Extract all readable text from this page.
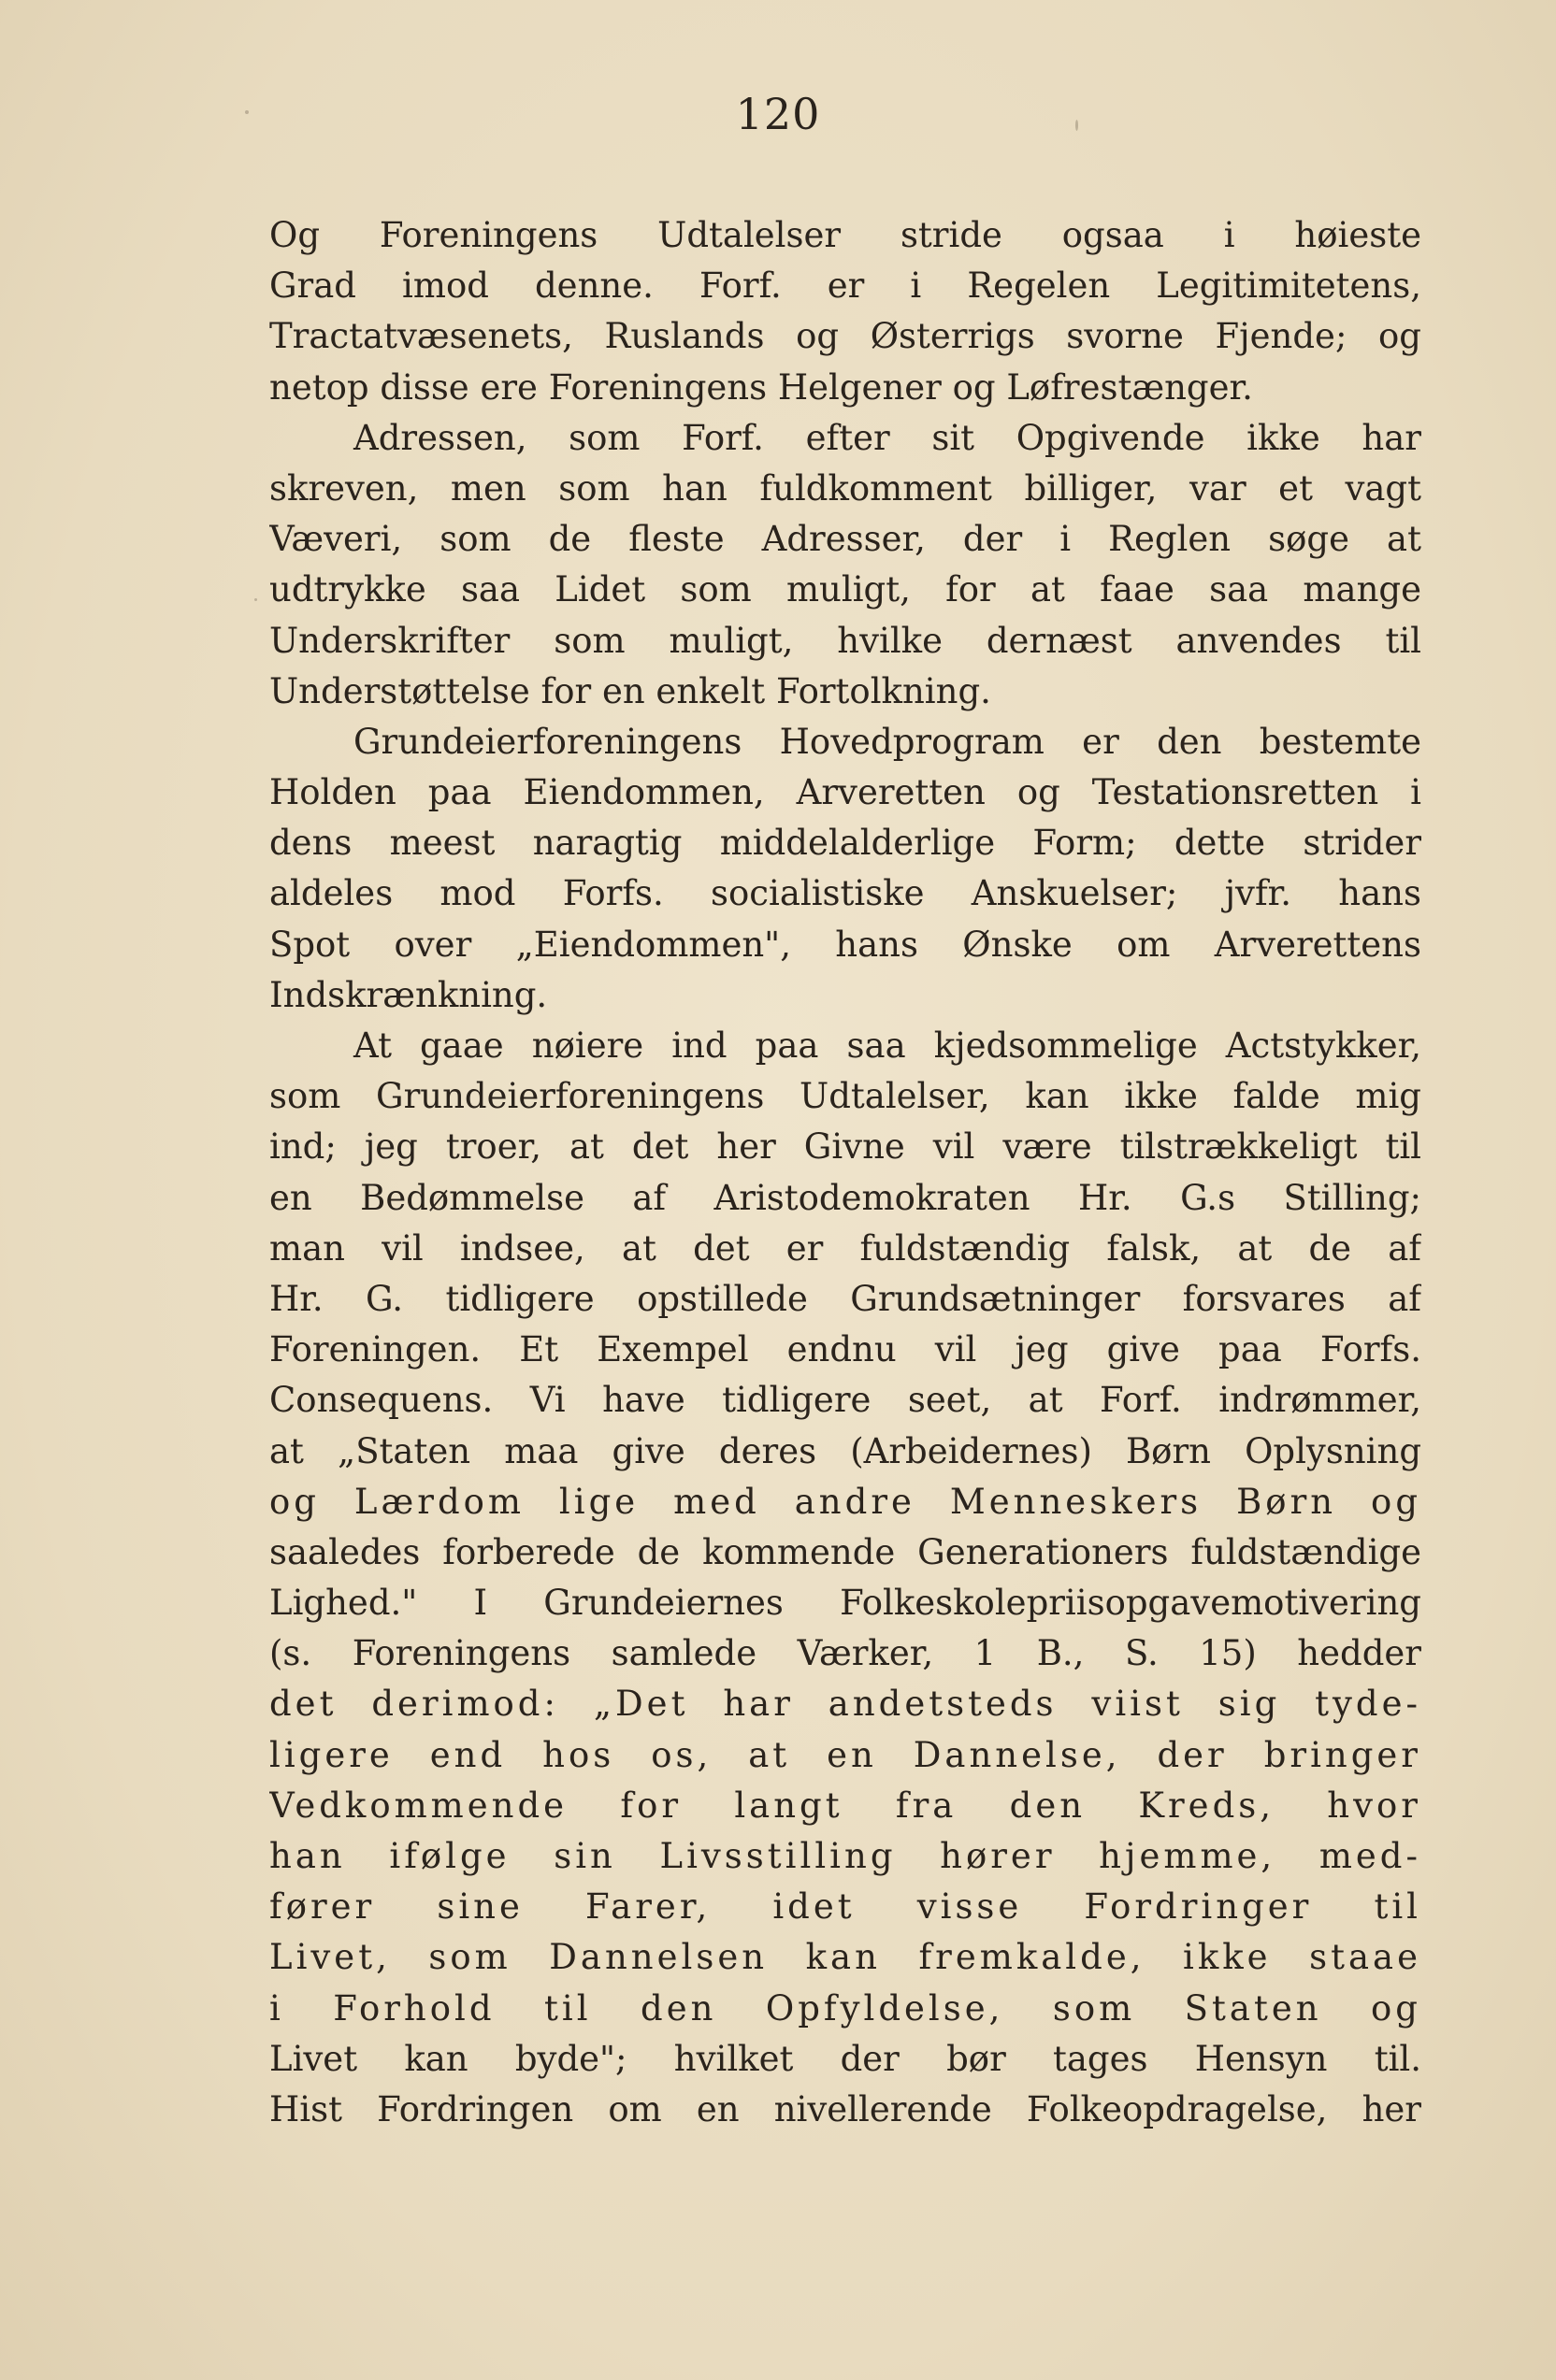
120
Og Foreningens Udtalelser stride ogsaa i høieste
Grad imod denne. Forf. er i Regelen Legitimitetens,
Tractatvæsenets, Ruslands og Østerrigs svorne Fjende; og
netop disse ere Foreningens Helgener og Løfrestænger.
Adressen, som Forf. efter sit Opgivende ikke har
skreven, men som han fuldkomment billiger, var et vagt
Væveri, som de fleste Adresser, der i Reglen søge at
udtrykke saa Lidet som muligt, for at faae saa mange
Underskrifter som muligt, hvilke dernæst anvendes til
Understøttelse for en enkelt Fortolkning.
Grundeierforeningens Hovedprogram er den bestemte
Holden paa Eiendommen, Arveretten og Testationsretten i
dens meest naragtig middelalderlige Form; dette strider
aldeles mod Forfs. socialistiske Anskuelser; jvfr. hans
Spot over „Eiendommen", hans Ønske om Arverettens
Indskrænkning.
At gaae nøiere ind paa saa kjedsommelige Actstykker,
som Grundeierforeningens Udtalelser, kan ikke falde mig
ind; jeg troer, at det her Givne vil være tilstrækkeligt til
en Bedømmelse af Aristodemokraten Hr. G.s Stilling;
man vil indsee, at det er fuldstændig falsk, at de af
Hr. G. tidligere opstillede Grundsætninger forsvares af
Foreningen. Et Exempel endnu vil jeg give paa Forfs.
Consequens. Vi have tidligere seet, at Forf. indrømmer,
at „Staten maa give deres (Arbeidernes) Børn Oplysning
og Lærdom lige med andre Menneskers Børn og
saaledes forberede de kommende Generationers fuldstændige
Lighed." I Grundeiernes Folkeskolepriisopgavemotivering
(s. Foreningens samlede Værker, 1 B., S. 15) hedder
det derimod: „Det har andetsteds viist sig tyde-
ligere end hos os, at en Dannelse, der bringer
Vedkommende for langt fra den Kreds, hvor
han ifølge sin Livsstilling hører hjemme, med-
fører sine Farer, idet visse Fordringer til
Livet, som Dannelsen kan fremkalde, ikke staae
i Forhold til den Opfyldelse, som Staten og
Livet kan byde"; hvilket der bør tages Hensyn til.
Hist Fordringen om en nivellerende Folkeopdragelse, her
